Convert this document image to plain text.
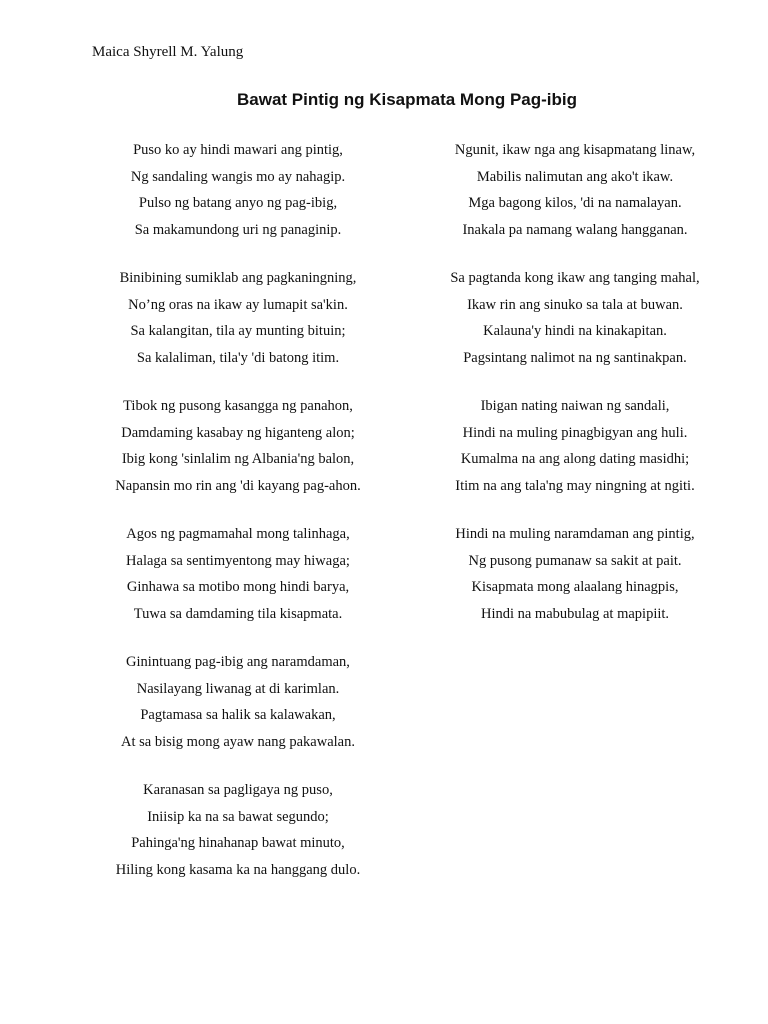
Maica Shyrell M. Yalung
Bawat Pintig ng Kisapmata Mong Pag-ibig
Puso ko ay hindi mawari ang pintig,
Ng sandaling wangis mo ay nahagip.
Pulso ng batang anyo ng pag-ibig,
Sa makamundong uri ng panaginip.
Binibining sumiklab ang pagkaningning,
No’ng oras na ikaw ay lumapit sa'kin.
Sa kalangitan, tila ay munting bituin;
Sa kalaliman, tila'y 'di batong itim.
Tibok ng pusong kasangga ng panahon,
Damdaming kasabay ng higanteng alon;
Ibig kong 'sinlalim ng Albania'ng balon,
Napansin mo rin ang 'di kayang pag-ahon.
Agos ng pagmamahal mong talinhaga,
Halaga sa sentimyentong may hiwaga;
Ginhawa sa motibo mong hindi barya,
Tuwa sa damdaming tila kisapmata.
Ginintuang pag-ibig ang naramdaman,
Nasilayang liwanag at di karimlan.
Pagtamasa sa halik sa kalawakan,
At sa bisig mong ayaw nang pakawalan.
Karanasan sa pagligaya ng puso,
Iniisip ka na sa bawat segundo;
Pahinga'ng hinahanap bawat minuto,
Hiling kong kasama ka na hanggang dulo.
Ngunit, ikaw nga ang kisapmatang linaw,
Mabilis nalimutan ang ako't ikaw.
Mga bagong kilos, 'di na namalayan.
Inakala pa namang walang hangganan.
Sa pagtanda kong ikaw ang tanging mahal,
Ikaw rin ang sinuko sa tala at buwan.
Kalauna'y hindi na kinakapitan.
Pagsintang nalimot na ng santinakpan.
Ibigan nating naiwan ng sandali,
Hindi na muling pinagbigyan ang huli.
Kumalma na ang along dating masidhi;
Itim na ang tala'ng may ningning at ngiti.
Hindi na muling naramdaman ang pintig,
Ng pusong pumanaw sa sakit at pait.
Kisapmata mong alaalang hinagpis,
Hindi na mabubulag at mapipiit.
